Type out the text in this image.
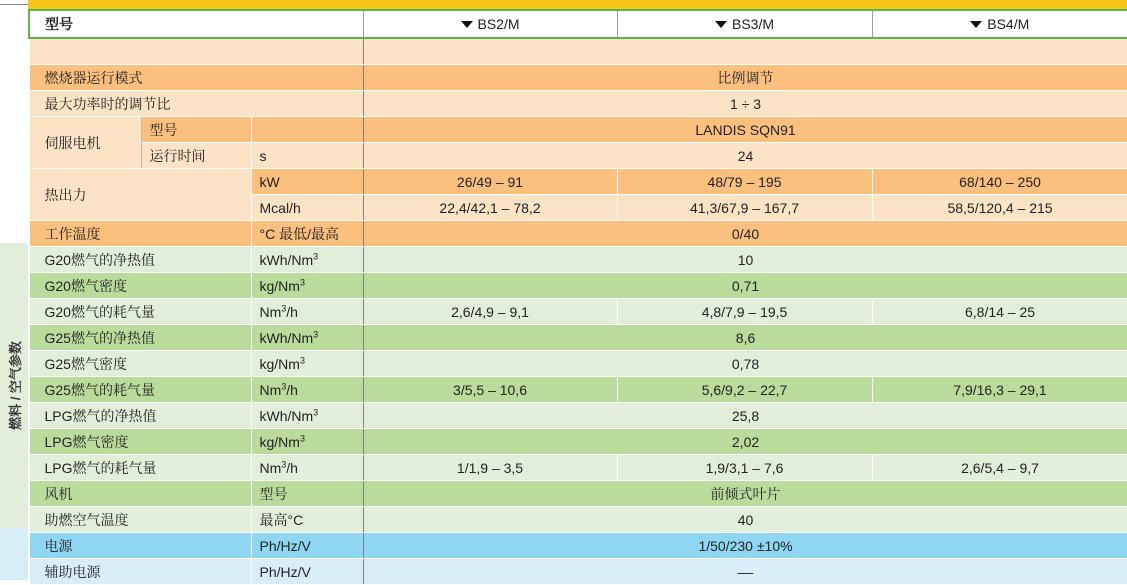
燃料 / 空气参数
型号			BS2/M	BS3/M	BS4/M

燃烧器运行模式			比例调节		
最大功率时的调节比			1 ÷ 3		
伺服电机	型号		LANDIS SQN91		
	运行时间	s	24		
热出力		kW	26/49 – 91	48/79 – 195	68/140 – 250
		Mcal/h	22,4/42,1 – 78,2	41,3/67,9 – 167,7	58,5/120,4 – 215
工作温度		°C 最低/最高	0/40		
G20燃气的净热值		kWh/Nm$^3$	10		
G20燃气密度		kg/Nm$^3$	0,71		
G20燃气的耗气量		Nm$^3$/h	2,6/4,9 – 9,1	4,8/7,9 – 19,5	6,8/14 – 25
G25燃气的净热值		kWh/Nm$^3$	8,6		
G25燃气密度		kg/Nm$^3$	0,78		
G25燃气的耗气量		Nm$^3$/h	3/5,5 – 10,6	5,6/9,2 – 22,7	7,9/16,3 – 29,1
LPG燃气的净热值		kWh/Nm$^3$	25,8		
LPG燃气密度		kg/Nm$^3$	2,02		
LPG燃气的耗气量		Nm$^3$/h	1/1,9 – 3,5	1,9/3,1 – 7,6	2,6/5,4 – 9,7
风机		型号	前倾式叶片		
助燃空气温度		最高°C	40		
电源		Ph/Hz/V	1/50/230 ±10%		
辅助电源		Ph/Hz/V	––		
